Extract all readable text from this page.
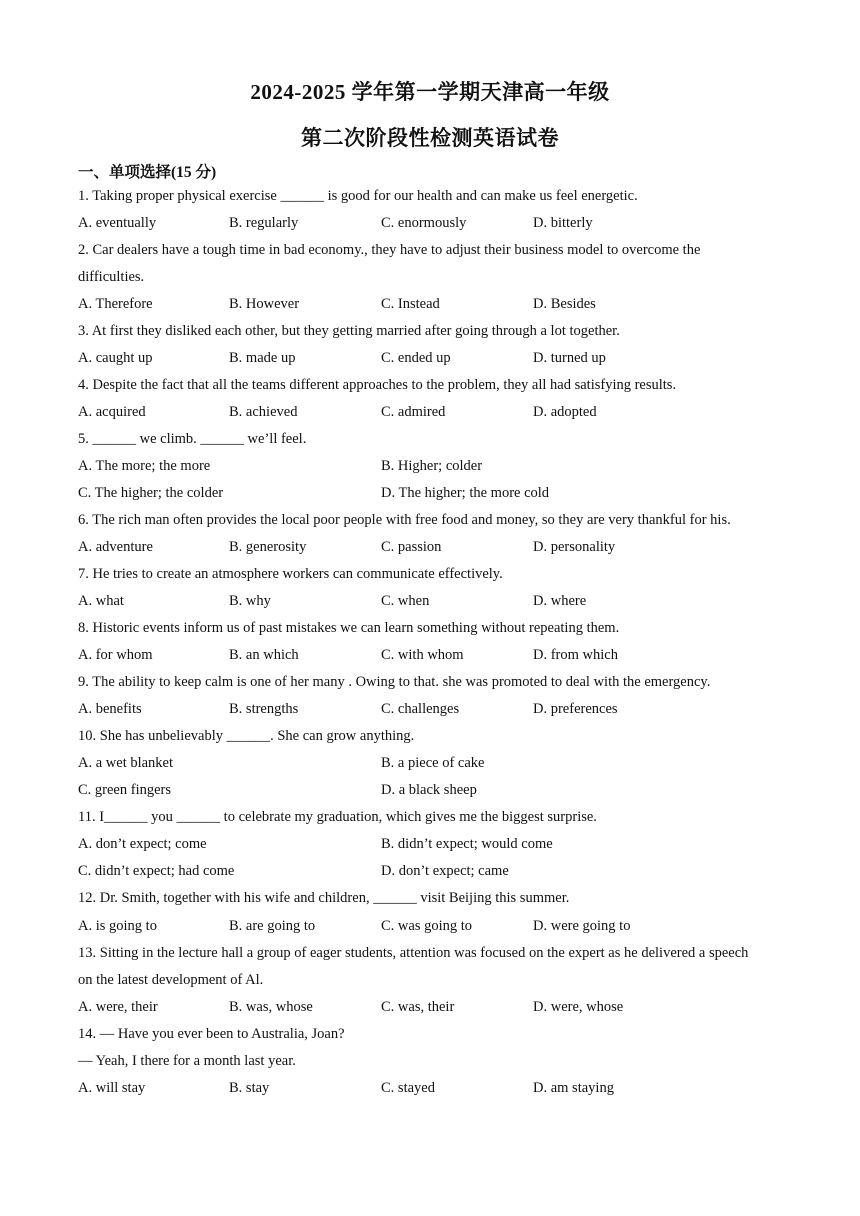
2024-2025 学年第一学期天津高一年级
第二次阶段性检测英语试卷
一、单项选择(15 分)
1. Taking proper physical exercise ______ is good for our health and can make us feel energetic.
A. eventually	B. regularly	C. enormously	D. bitterly
2. Car dealers have a tough time in bad economy., they have to adjust their business model to overcome the
difficulties.
A. Therefore	B. However	C. Instead	D. Besides
3. At first they disliked each other, but they getting married after going through a lot together.
A. caught up	B. made up	C. ended up	D. turned up
4. Despite the fact that all the teams different approaches to the problem, they all had satisfying results.
A. acquired	B. achieved	C. admired	D. adopted
5. ______ we climb. ______ we’ll feel.
A. The more; the more	B. Higher; colder
C. The higher; the colder	D. The higher; the more cold
6. The rich man often provides the local poor people with free food and money, so they are very thankful for his.
A. adventure	B. generosity	C. passion	D. personality
7. He tries to create an atmosphere workers can communicate effectively.
A. what	B. why	C. when	D. where
8. Historic events inform us of past mistakes we can learn something without repeating them.
A. for whom	B. an which	C. with whom	D. from which
9. The ability to keep calm is one of her many . Owing to that. she was promoted to deal with the emergency.
A. benefits	B. strengths	C. challenges	D. preferences
10. She has unbelievably ______. She can grow anything.
A. a wet blanket	B. a piece of cake
C. green fingers	D. a black sheep
11. I______ you ______ to celebrate my graduation, which gives me the biggest surprise.
A. don’t expect; come	B. didn’t expect; would come
C. didn’t expect; had come	D. don’t expect; came
12. Dr. Smith, together with his wife and children, ______ visit Beijing this summer.
A. is going to	B. are going to	C. was going to	D. were going to
13. Sitting in the lecture hall a group of eager students, attention was focused on the expert as he delivered a speech
on the latest development of Al.
A. were, their	B. was, whose	C. was, their	D. were, whose
14. — Have you ever been to Australia, Joan?
— Yeah, I there for a month last year.
A. will stay	B. stay	C. stayed	D. am staying
